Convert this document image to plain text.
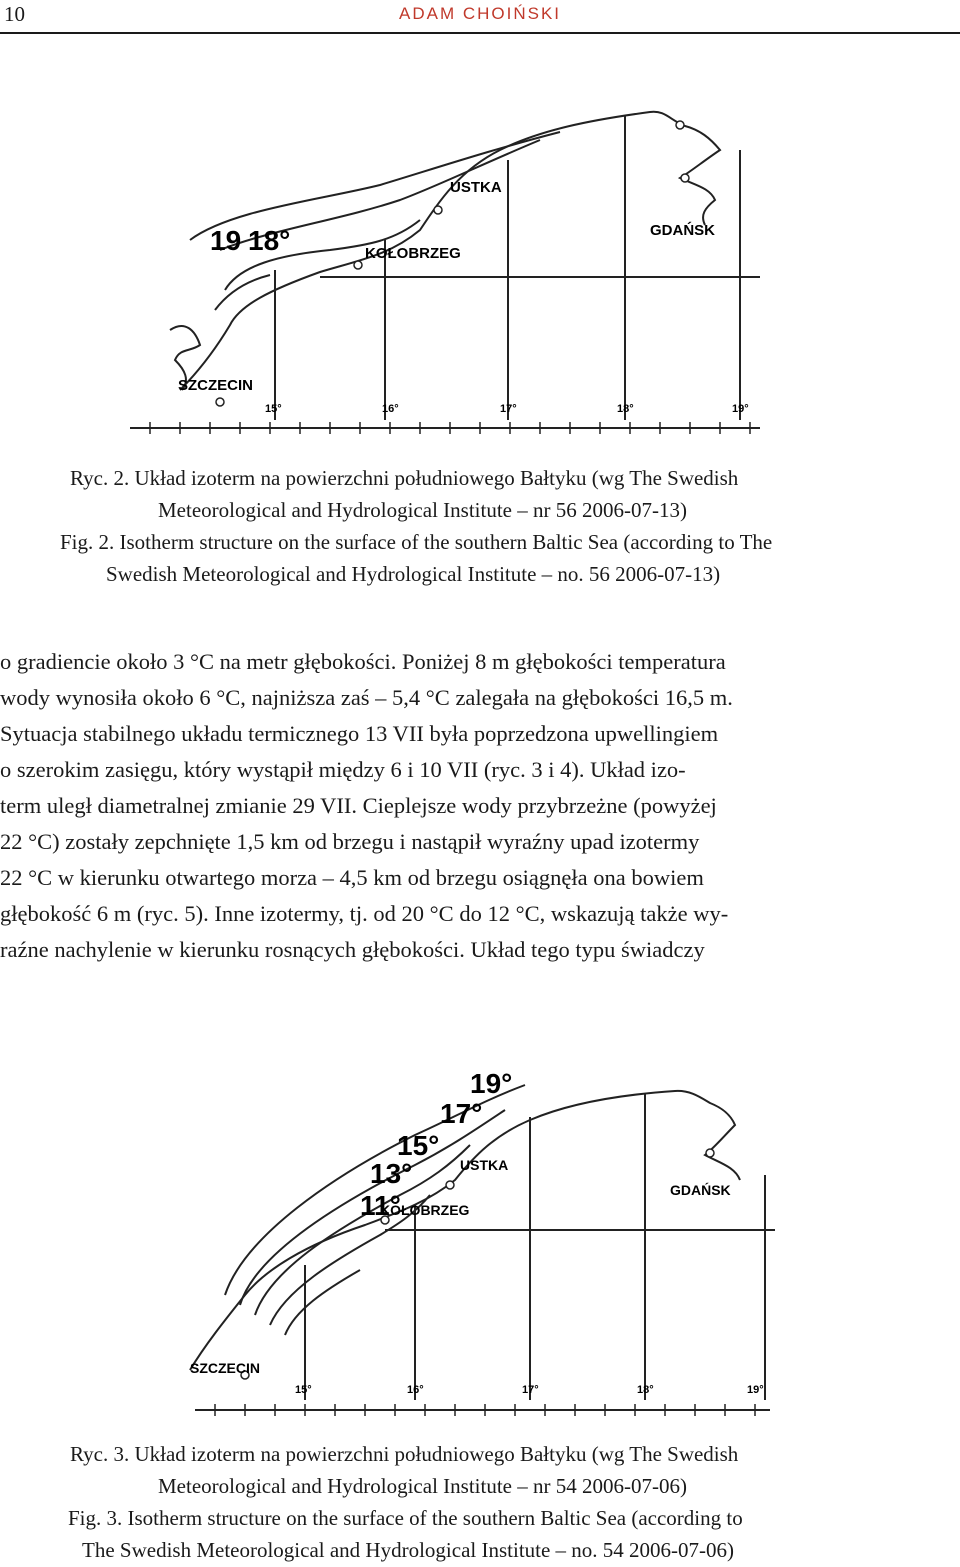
10	ADAM CHOIŃSKI
USTKA
GDAŃSK
KOŁOBRZEG
SZCZECIN
19 18°
15°	16°	17°	18°	19°
Ryc. 2. Układ izoterm na powierzchni południowego Bałtyku (wg The Swedish
Meteorological and Hydrological Institute – nr 56 2006-07-13)
Fig. 2. Isotherm structure on the surface of the southern Baltic Sea (according to The
Swedish Meteorological and Hydrological Institute – no. 56 2006-07-13)
o gradiencie około 3 °C na metr głębokości. Poniżej 8 m głębokości temperatura
wody wynosiła około 6 °C, najniższa zaś – 5,4 °C zalegała na głębokości 16,5 m.
Sytuacja stabilnego układu termicznego 13 VII była poprzedzona upwellingiem
o szerokim zasięgu, który wystąpił między 6 i 10 VII (ryc. 3 i 4). Układ izo-
term uległ diametralnej zmianie 29 VII. Cieplejsze wody przybrzeżne (powyżej
22 °C) zostały zepchnięte 1,5 km od brzegu i nastąpił wyraźny upad izotermy
22 °C w kierunku otwartego morza – 4,5 km od brzegu osiągnęła ona bowiem
głębokość 6 m (ryc. 5). Inne izotermy, tj. od 20 °C do 12 °C, wskazują także wy-
raźne nachylenie w kierunku rosnących głębokości. Układ tego typu świadczy
USTKA
GDAŃSK
KOŁOBRZEG
SZCZECIN
19°
17°
15°
13°
11°
15°	16°	17°	18°	19°
Ryc. 3. Układ izoterm na powierzchni południowego Bałtyku (wg The Swedish
Meteorological and Hydrological Institute – nr 54 2006-07-06)
Fig. 3. Isotherm structure on the surface of the southern Baltic Sea (according to
The Swedish Meteorological and Hydrological Institute – no. 54 2006-07-06)
